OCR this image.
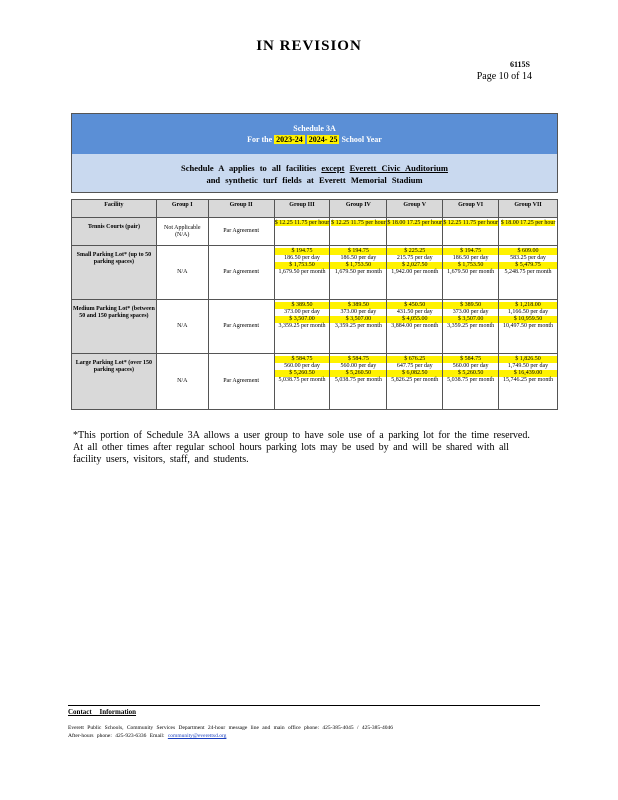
IN REVISION
6115S
Page 10 of 14
Schedule 3A
For the 2023-24 2024- 25 School Year
Schedule A applies to all facilities except Everett Civic Auditorium
and synthetic turf fields at Everett Memorial Stadium
Facility	Group I	Group II	Group III	Group IV	Group V	Group VI	Group VII
Tennis Courts (pair)	Not Applicable (N/A)	Par Agreement	$ 12.25 11.75 per hour	$ 12.25 11.75 per hour	$ 18.00 17.25 per hour	$ 12.25 11.75 per hour	$ 18.00 17.25 per hour
Small Parking Lot* (up to 50 parking spaces)	N/A	Par Agreement	$ 194.75
186.50 per day
$ 1,753.50
1,679.50 per month	$ 194.75
186.50 per day
$ 1,753.50
1,679.50 per month	$ 225.25
215.75 per day
$ 2,027.50
1,942.00 per month	$ 194.75
186.50 per day
$ 1,753.50
1,679.50 per month	$ 609.00
583.25 per day
$ 5,479.75
5,248.75 per month

Medium Parking Lot* (between 50 and 150 parking spaces)	N/A	Par Agreement	$ 389.50
373.00 per day
$ 3,507.00
3,359.25 per month	$ 389.50
373.00 per day
$ 3,507.00
3,359.25 per month	$ 450.50
431.50 per day
$ 4,055.00
3,884.00 per month	$ 389.50
373.00 per day
$ 3,507.00
3,359.25 per month	$ 1,218.00
1,166.50 per day
$ 10,959.50
10,497.50 per month

Large Parking Lot* (over 150 parking spaces)	N/A	Par Agreement	$ 584.75
560.00 per day
$ 5,260.50
5,038.75 per month	$ 584.75
560.00 per day
$ 5,260.50
5,038.75 per month	$ 676.25
647.75 per day
$ 6,082.50
5,826.25 per month	$ 584.75
560.00 per day
$ 5,260.50
5,038.75 per month	$ 1,826.50
1,749.50 per day
$ 16,439.00
15,746.25 per month
*This portion of Schedule 3A allows a user group to have sole use of a parking lot for the time reserved. At all other times after regular school hours parking lots may be used by and will be shared with all facility users, visitors, staff, and students.
Contact Information
Everett Public Schools, Community Services Department 24-hour message line and main office phone: 425-385-4045 / 425-385-4046
After-hours phone: 425-923-6336 Email: community@everettsd.org
